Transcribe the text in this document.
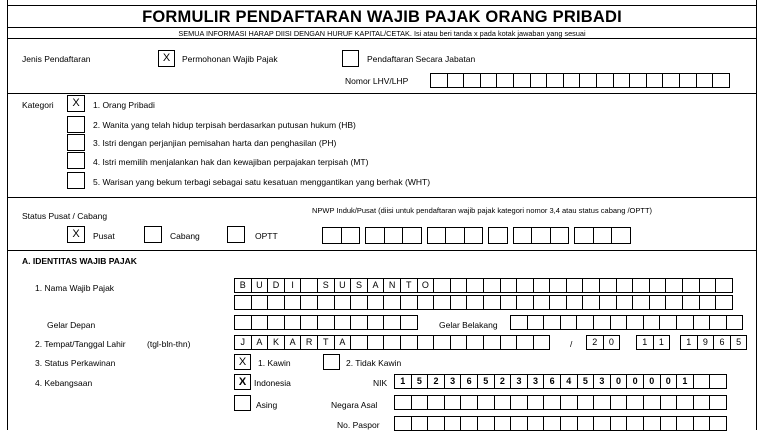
FORMULIR PENDAFTARAN WAJIB PAJAK ORANG PRIBADI
SEMUA INFORMASI HARAP DIISI DENGAN HURUF KAPITAL/CETAK. Isi atau beri tanda x pada kotak jawaban yang sesuai
Jenis Pendaftaran	X	Permohonan Wajib Pajak	Pendaftaran Secara Jabatan
Nomor LHV/LHP
Kategori	X	1. Orang Pribadi
2. Wanita yang telah hidup terpisah berdasarkan putusan hukum (HB)
3. Istri dengan perjanjian pemisahan harta dan penghasilan (PH)
4. Istri memilih menjalankan hak dan kewajiban perpajakan terpisah (MT)
5. Warisan yang bekum terbagi sebagai satu kesatuan menggantikan yang berhak (WHT)
Status Pusat / Cabang
X	Pusat	Cabang	OPTT
NPWP Induk/Pusat (diisi untuk pendaftaran wajib pajak kategori nomor 3,4 atau status cabang /OPTT)
A. IDENTITAS WAJIB PAJAK
1. Nama Wajib Pajak	B	U	D	I	S	U	S	A	N	T	O
Gelar Depan	Gelar Belakang
2. Tempat/Tanggal Lahir	(tgl-bln-thn)	J	A	K	A	R	T	A	/	2	0	1	1	1	9	6	5
3. Status Perkawinan	X	1. Kawin	2. Tidak Kawin
4. Kebangsaan	X Indonesia	NIK	1	5	2	3	6	5	2	3	3	6	4	5	3	0	0	0	0	1
Asing	Negara Asal
No. Paspor
